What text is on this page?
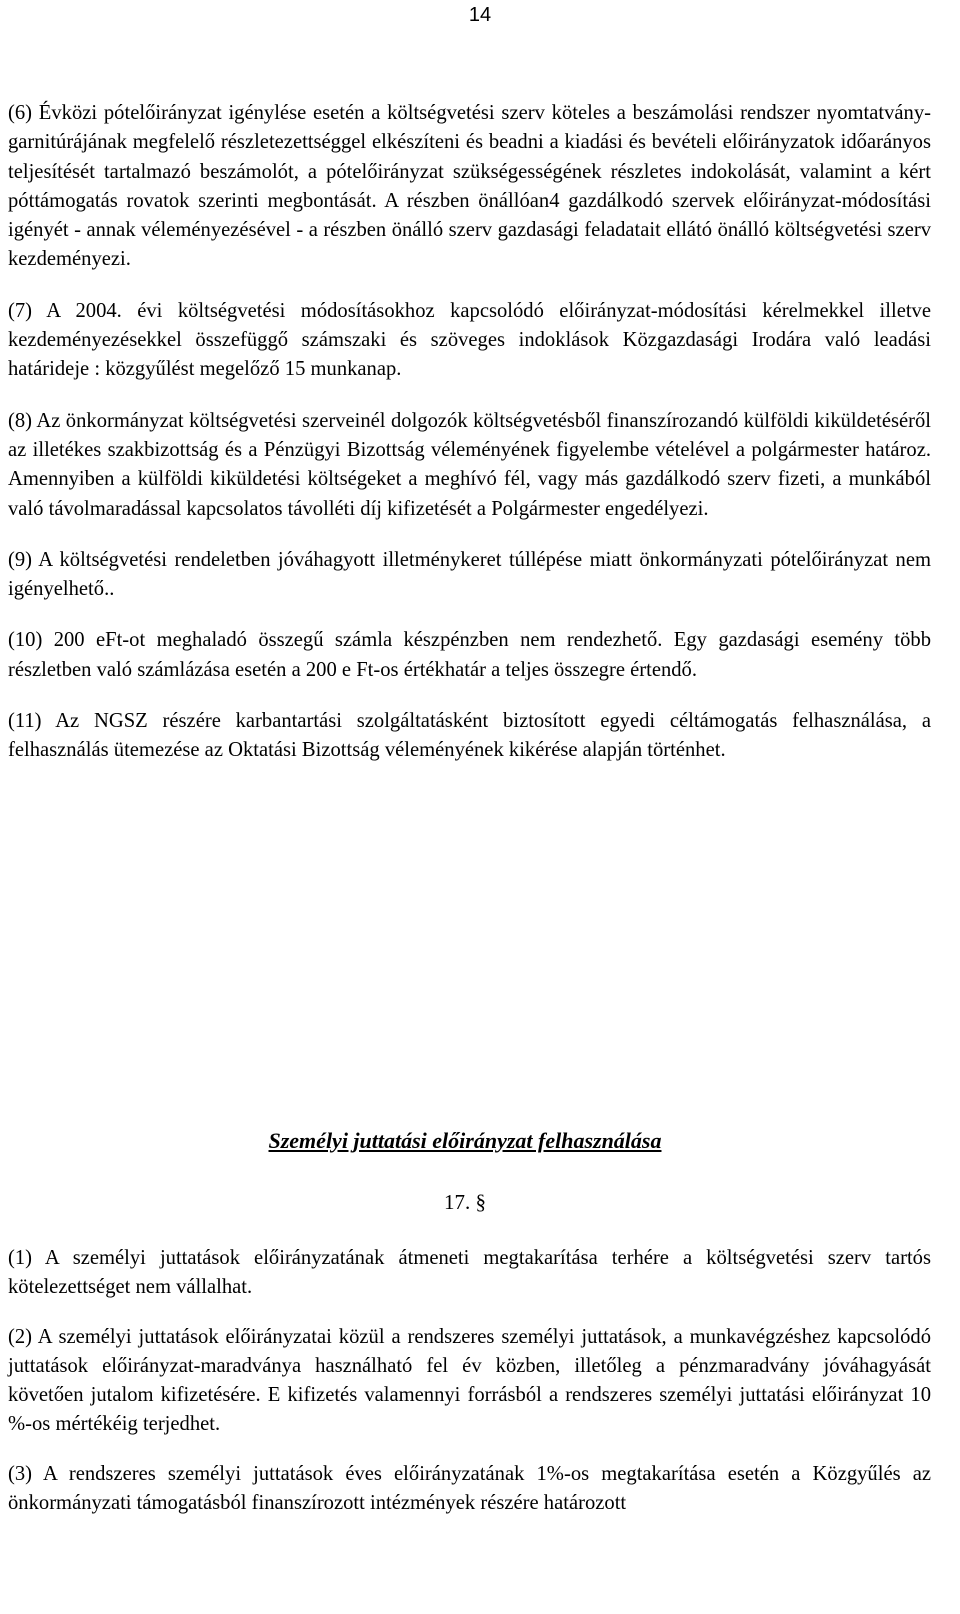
14

(6) Évközi pótelőirányzat igénylése esetén a költségvetési szerv köteles a beszámolási rendszer nyomtatvány-garnitúrájának megfelelő részletezettséggel elkészíteni és beadni a kiadási és bevételi előirányzatok időarányos teljesítését tartalmazó beszámolót, a pótelőirányzat szükségességének részletes indokolását, valamint a kért póttámogatás rovatok szerinti megbontását. A részben önállóan4 gazdálkodó szervek előirányzat-módosítási igényét - annak véleményezésével - a részben önálló szerv gazdasági feladatait ellátó önálló költségvetési szerv kezdeményezi.

(7) A 2004. évi költségvetési módosításokhoz kapcsolódó előirányzat-módosítási kérelmekkel illetve kezdeményezésekkel összefüggő számszaki és szöveges indoklások Közgazdasági Irodára való leadási határideje : közgyűlést megelőző 15 munkanap.

(8) Az önkormányzat költségvetési szerveinél dolgozók költségvetésből finanszírozandó külföldi kiküldetéséről az illetékes szakbizottság és a Pénzügyi Bizottság véleményének figyelembe vételével a polgármester határoz. Amennyiben a külföldi kiküldetési költségeket a meghívó fél, vagy más gazdálkodó szerv fizeti, a munkából való távolmaradással kapcsolatos távolléti díj kifizetését a Polgármester engedélyezi.

(9) A költségvetési rendeletben jóváhagyott illetménykeret túllépése miatt önkormányzati pótelőirányzat nem igényelhető..

(10) 200 eFt-ot meghaladó összegű számla készpénzben nem rendezhető. Egy gazdasági esemény több részletben való számlázása esetén a 200 e Ft-os értékhatár a teljes összegre értendő.

(11) Az NGSZ részére karbantartási szolgáltatásként biztosított egyedi céltámogatás felhasználása, a felhasználás ütemezése az Oktatási Bizottság véleményének kikérése alapján történhet.

Személyi juttatási előirányzat felhasználása
17. §

(1) A személyi juttatások előirányzatának átmeneti megtakarítása terhére a költségvetési szerv tartós kötelezettséget nem vállalhat.

(2) A személyi juttatások előirányzatai közül a rendszeres személyi juttatások, a munkavégzéshez kapcsolódó juttatások előirányzat-maradványa használható fel év közben, illetőleg a pénzmaradvány jóváhagyását követően jutalom kifizetésére. E kifizetés valamennyi forrásból a rendszeres személyi juttatási előirányzat 10 %-os mértékéig terjedhet.

(3) A rendszeres személyi juttatások éves előirányzatának 1%-os megtakarítása esetén a Közgyűlés az önkormányzati támogatásból finanszírozott intézmények részére határozott
